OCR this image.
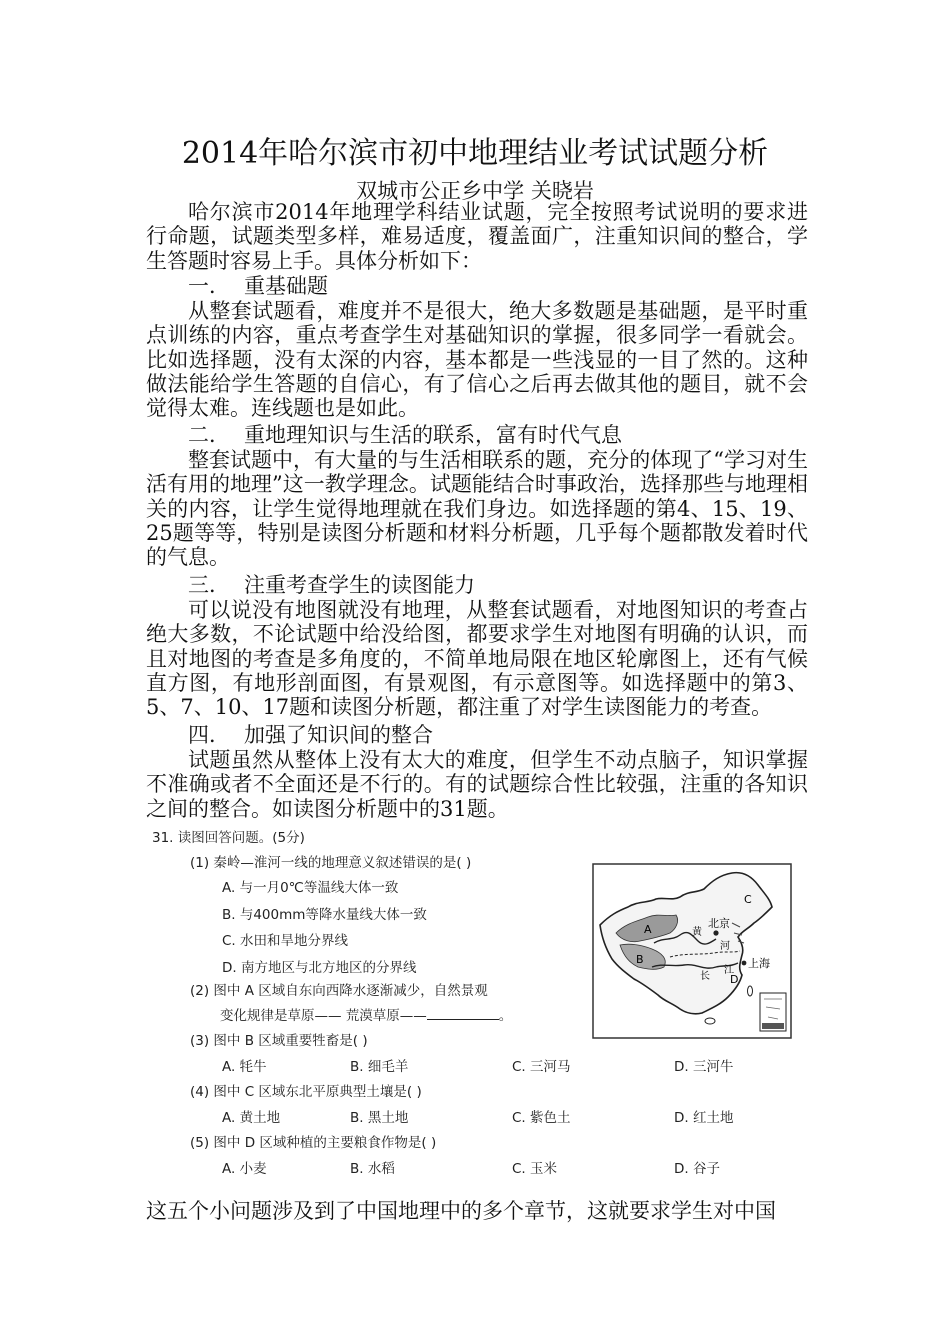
2014年哈尔滨市初中地理结业考试试题分析
双城市公正乡中学 关晓岩

哈尔滨市2014年地理学科结业试题，完全按照考试说明的要求进行命题，试题类型多样，难易适度，覆盖面广，注重知识间的整合，学生答题时容易上手。具体分析如下：

一． 重基础题

从整套试题看，难度并不是很大，绝大多数题是基础题，是平时重点训练的内容，重点考查学生对基础知识的掌握，很多同学一看就会。比如选择题，没有太深的内容，基本都是一些浅显的一目了然的。这种做法能给学生答题的自信心，有了信心之后再去做其他的题目，就不会觉得太难。连线题也是如此。

二． 重地理知识与生活的联系，富有时代气息

整套试题中，有大量的与生活相联系的题，充分的体现了“学习对生活有用的地理”这一教学理念。试题能结合时事政治，选择那些与地理相关的内容，让学生觉得地理就在我们身边。如选择题的第4、15、19、25题等等，特别是读图分析题和材料分析题，几乎每个题都散发着时代的气息。

三． 注重考查学生的读图能力

可以说没有地图就没有地理，从整套试题看，对地图知识的考查占绝大多数，不论试题中给没给图，都要求学生对地图有明确的认识，而且对地图的考查是多角度的，不简单地局限在地区轮廓图上，还有气候直方图，有地形剖面图，有景观图，有示意图等。如选择题中的第3、5、7、10、17题和读图分析题，都注重了对学生读图能力的考查。

四． 加强了知识间的整合

试题虽然从整体上没有太大的难度，但学生不动点脑子，知识掌握不准确或者不全面还是不行的。有的试题综合性比较强，注重的各知识之间的整合。如读图分析题中的31题。

31. 读图回答问题。(5分)
(1) 秦岭—淮河一线的地理意义叙述错误的是( )
A. 与一月0℃等温线大体一致
B. 与400mm等降水量线大体一致
C. 水田和旱地分界线
D. 南方地区与北方地区的分界线
(2) 图中 A 区域自东向西降水逐渐减少，自然景观
变化规律是草原—— 荒漠草原——	。
(3) 图中 B 区域重要牲畜是( )
A. 牦牛	B. 细毛羊	C. 三河马	D. 三河牛
(4) 图中 C 区域东北平原典型土壤是( )
A. 黄土地	B. 黑土地	C. 紫色土	D. 红土地
(5) 图中 D 区域种植的主要粮食作物是( )
A. 小麦	B. 水稻	C. 玉米	D. 谷子
A
B
C
D
北京
上海
黄
河
长
江
这五个小问题涉及到了中国地理中的多个章节，这就要求学生对中国
